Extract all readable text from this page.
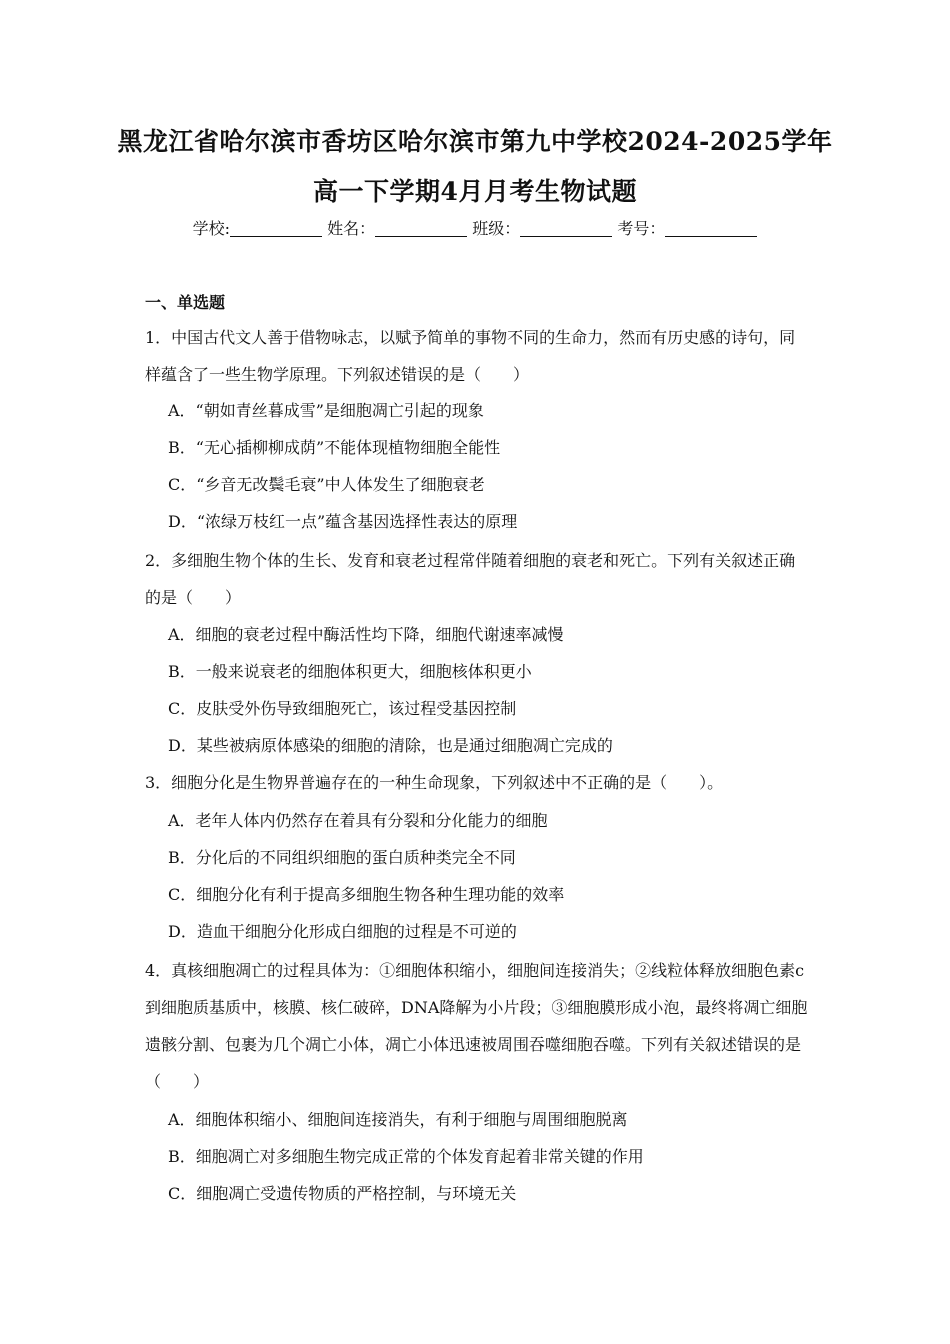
黑龙江省哈尔滨市香坊区哈尔滨市第九中学校2024-2025学年
高一下学期4月月考生物试题
学校:	姓名：	班级：	考号：
一、单选题
1．中国古代文人善于借物咏志，以赋予简单的事物不同的生命力，然而有历史感的诗句，同样蕴含了一些生物学原理。下列叙述错误的是（　　）
A．“朝如青丝暮成雪”是细胞凋亡引起的现象
B．“无心插柳柳成荫”不能体现植物细胞全能性
C．“乡音无改鬓毛衰”中人体发生了细胞衰老
D．“浓绿万枝红一点”蕴含基因选择性表达的原理
2．多细胞生物个体的生长、发育和衰老过程常伴随着细胞的衰老和死亡。下列有关叙述正确的是（　　）
A．细胞的衰老过程中酶活性均下降，细胞代谢速率减慢
B．一般来说衰老的细胞体积更大，细胞核体积更小
C．皮肤受外伤导致细胞死亡，该过程受基因控制
D．某些被病原体感染的细胞的清除，也是通过细胞凋亡完成的
3．细胞分化是生物界普遍存在的一种生命现象，下列叙述中不正确的是（　　）。
A．老年人体内仍然存在着具有分裂和分化能力的细胞
B．分化后的不同组织细胞的蛋白质种类完全不同
C．细胞分化有利于提高多细胞生物各种生理功能的效率
D．造血干细胞分化形成白细胞的过程是不可逆的
4．真核细胞凋亡的过程具体为：①细胞体积缩小，细胞间连接消失；②线粒体释放细胞色素c到细胞质基质中，核膜、核仁破碎，DNA降解为小片段；③细胞膜形成小泡，最终将凋亡细胞遗骸分割、包裹为几个凋亡小体，凋亡小体迅速被周围吞噬细胞吞噬。下列有关叙述错误的是（　　）
A．细胞体积缩小、细胞间连接消失，有利于细胞与周围细胞脱离
B．细胞凋亡对多细胞生物完成正常的个体发育起着非常关键的作用
C．细胞凋亡受遗传物质的严格控制，与环境无关
